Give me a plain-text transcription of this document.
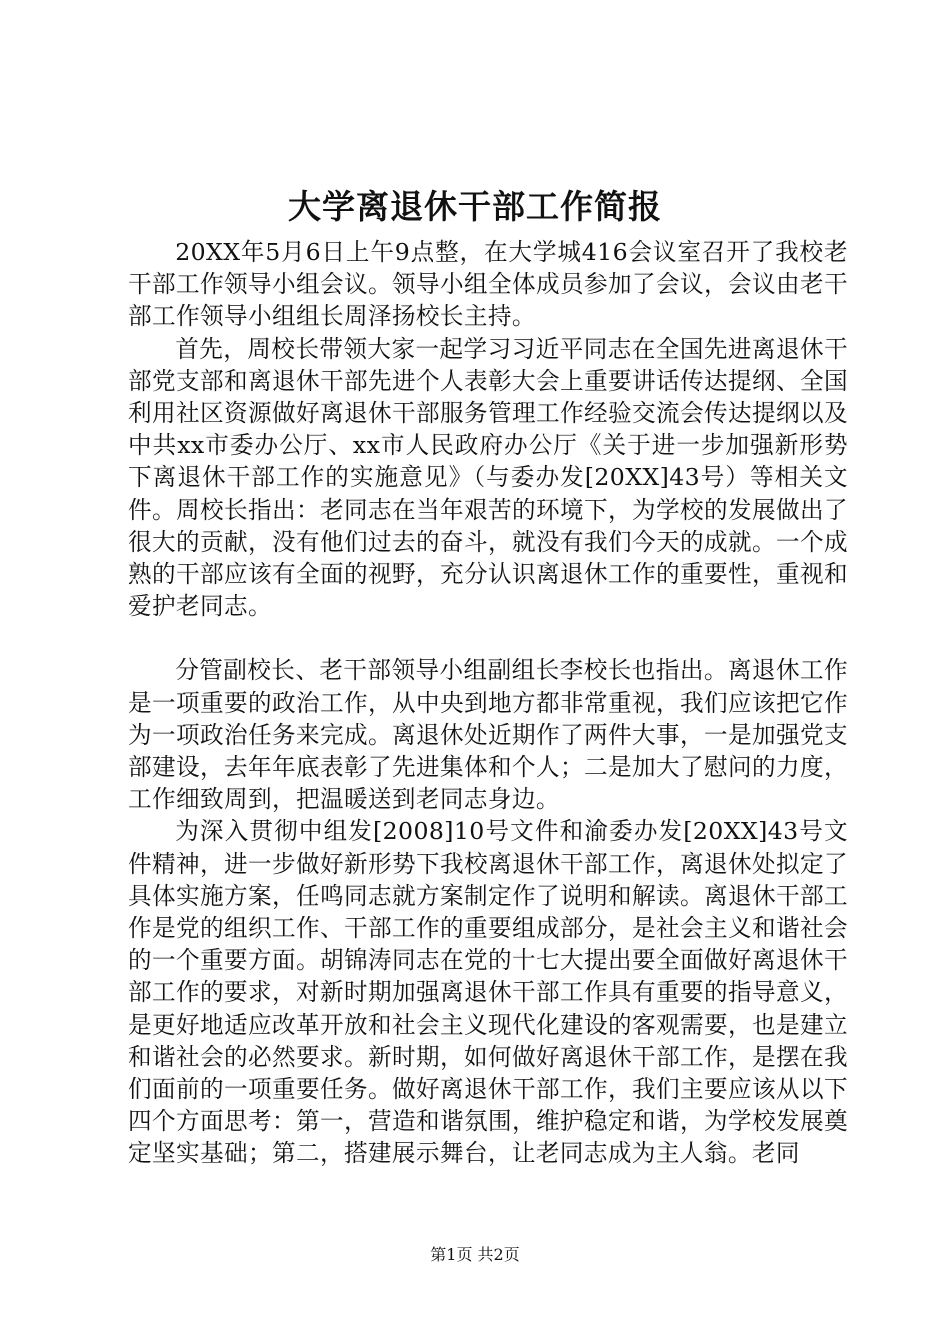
大学离退休干部工作简报

20XX年5月6日上午9点整，在大学城416会议室召开了我校老干部工作领导小组会议。领导小组全体成员参加了会议，会议由老干部工作领导小组组长周泽扬校长主持。

首先，周校长带领大家一起学习习近平同志在全国先进离退休干部党支部和离退休干部先进个人表彰大会上重要讲话传达提纲、全国利用社区资源做好离退休干部服务管理工作经验交流会传达提纲以及中共xx市委办公厅、xx市人民政府办公厅《关于进一步加强新形势下离退休干部工作的实施意见》（与委办发[20XX]43号）等相关文件。周校长指出：老同志在当年艰苦的环境下，为学校的发展做出了很大的贡献，没有他们过去的奋斗，就没有我们今天的成就。一个成熟的干部应该有全面的视野，充分认识离退休工作的重要性，重视和爱护老同志。

分管副校长、老干部领导小组副组长李校长也指出。离退休工作是一项重要的政治工作，从中央到地方都非常重视，我们应该把它作为一项政治任务来完成。离退休处近期作了两件大事，一是加强党支部建设，去年年底表彰了先进集体和个人；二是加大了慰问的力度，工作细致周到，把温暖送到老同志身边。

为深入贯彻中组发[2008]10号文件和渝委办发[20XX]43号文件精神，进一步做好新形势下我校离退休干部工作，离退休处拟定了具体实施方案，任鸣同志就方案制定作了说明和解读。离退休干部工作是党的组织工作、干部工作的重要组成部分，是社会主义和谐社会的一个重要方面。胡锦涛同志在党的十七大提出要全面做好离退休干部工作的要求，对新时期加强离退休干部工作具有重要的指导意义，是更好地适应改革开放和社会主义现代化建设的客观需要，也是建立和谐社会的必然要求。新时期，如何做好离退休干部工作，是摆在我们面前的一项重要任务。做好离退休干部工作，我们主要应该从以下四个方面思考：第一，营造和谐氛围，维护稳定和谐，为学校发展奠定坚实基础；第二，搭建展示舞台，让老同志成为主人翁。老同

第1页 共2页
